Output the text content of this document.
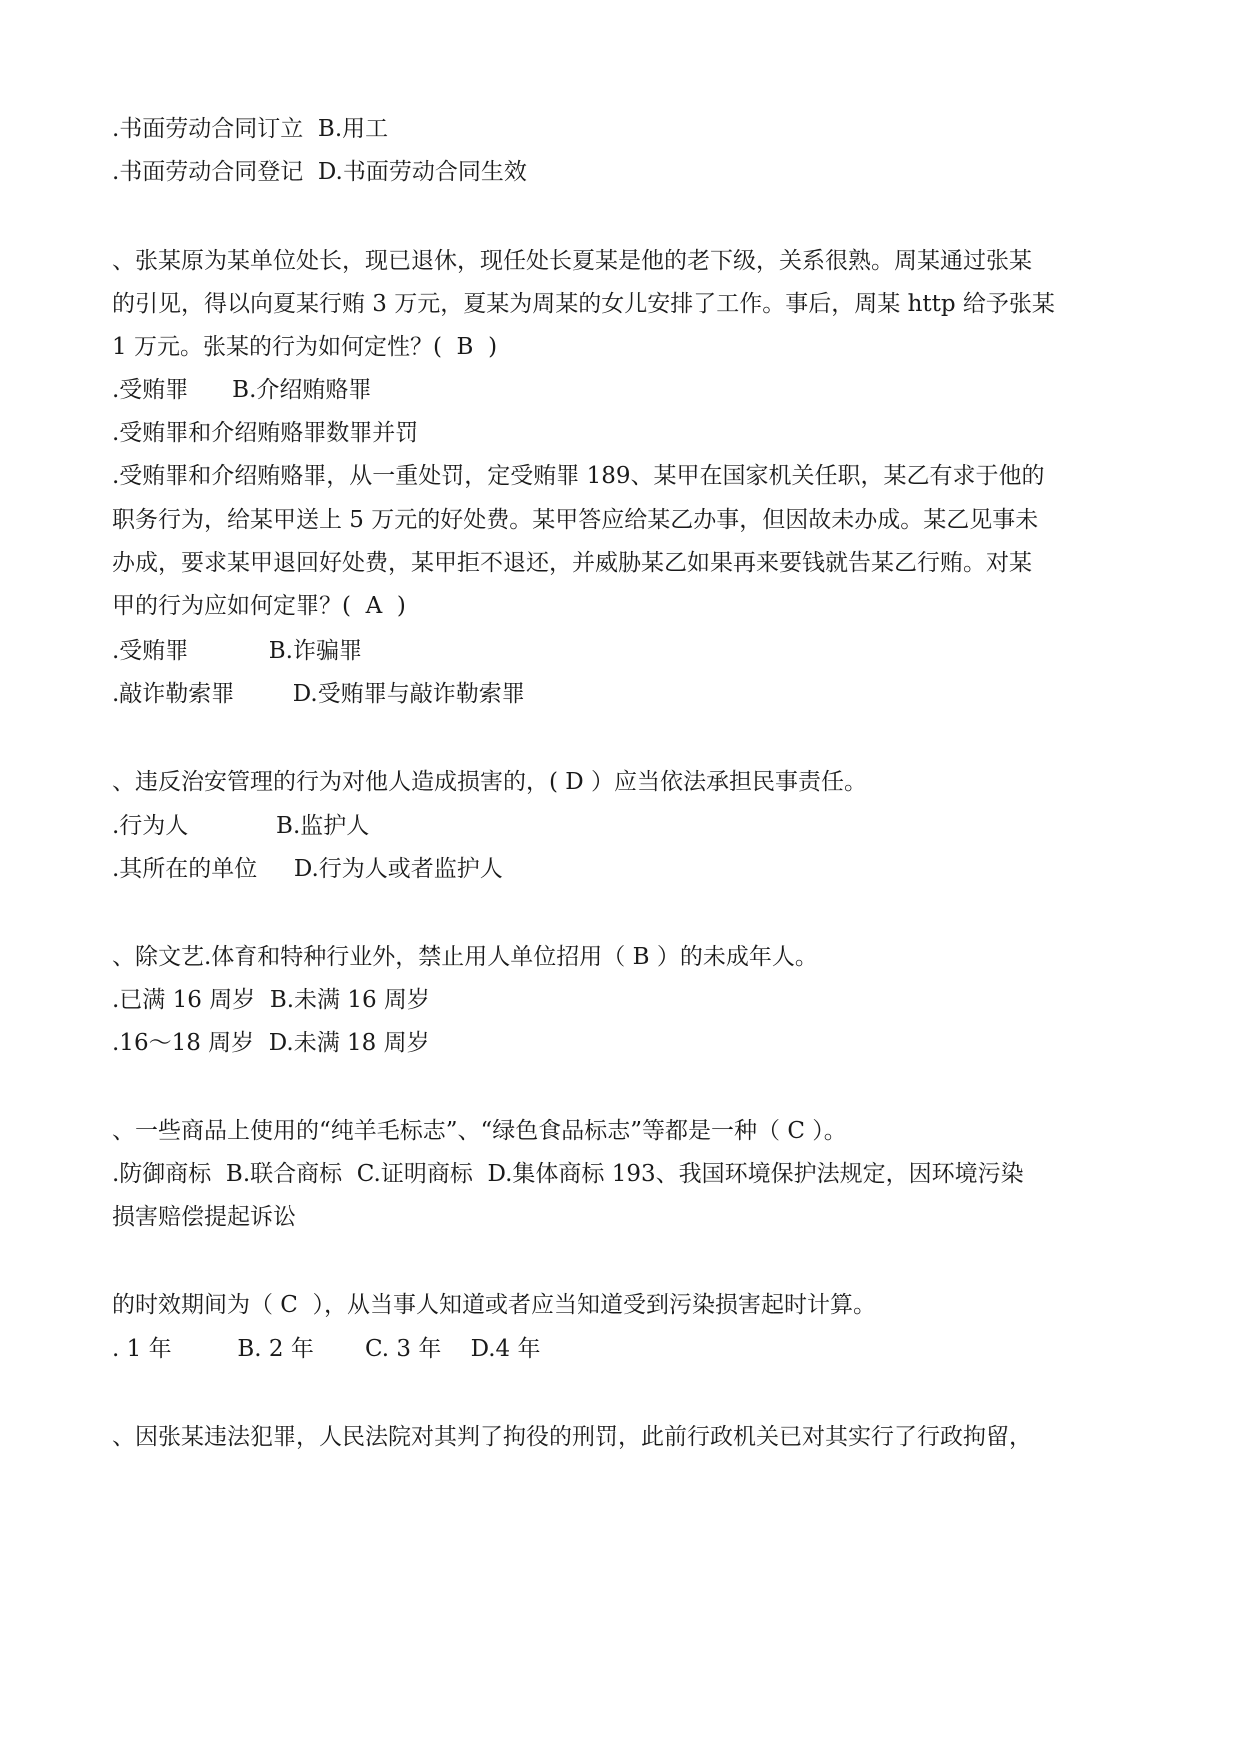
.书面劳动合同订立  B.用工
.书面劳动合同登记  D.书面劳动合同生效
、张某原为某单位处长，现已退休，现任处长夏某是他的老下级，关系很熟。周某通过张某
的引见，得以向夏某行贿 3 万元，夏某为周某的女儿安排了工作。事后，周某 http 给予张某
1 万元。张某的行为如何定性？(  B  )
.受贿罪      B.介绍贿赂罪
.受贿罪和介绍贿赂罪数罪并罚
.受贿罪和介绍贿赂罪，从一重处罚，定受贿罪 189、某甲在国家机关任职，某乙有求于他的
职务行为，给某甲送上 5 万元的好处费。某甲答应给某乙办事，但因故未办成。某乙见事未
办成，要求某甲退回好处费，某甲拒不退还，并威胁某乙如果再来要钱就告某乙行贿。对某
甲的行为应如何定罪？(  A  )
.受贿罪           B.诈骗罪
.敲诈勒索罪        D.受贿罪与敲诈勒索罪
、违反治安管理的行为对他人造成损害的，( D ）应当依法承担民事责任。
.行为人            B.监护人
.其所在的单位     D.行为人或者监护人
、除文艺.体育和特种行业外，禁止用人单位招用（ B ）的未成年人。
.已满 16 周岁  B.未满 16 周岁
.16～18 周岁  D.未满 18 周岁
、一些商品上使用的“纯羊毛标志”、“绿色食品标志”等都是一种（ C ）。
.防御商标  B.联合商标  C.证明商标  D.集体商标 193、我国环境保护法规定，因环境污染
损害赔偿提起诉讼
的时效期间为（ C  ），从当事人知道或者应当知道受到污染损害起时计算。
. 1 年         B. 2 年       C. 3 年    D.4 年
、因张某违法犯罪，人民法院对其判了拘役的刑罚，此前行政机关已对其实行了行政拘留，
